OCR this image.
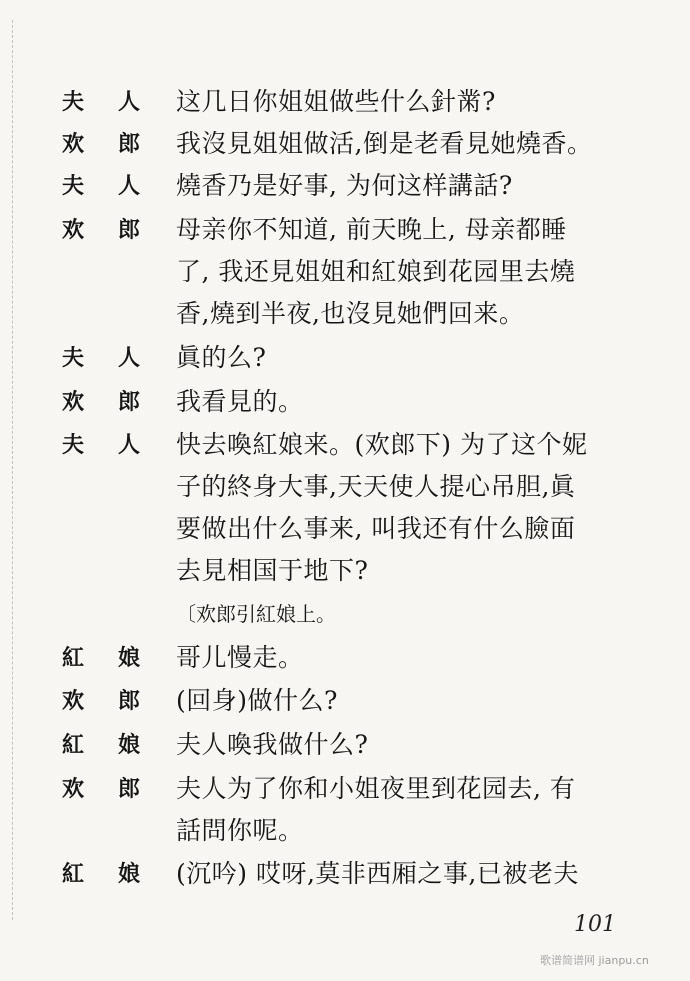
夫 人 这几日你姐姐做些什么針黹?
欢 郎 我沒見姐姐做活,倒是老看見她燒香。
夫 人 燒香乃是好事, 为何这样講話?
欢 郎 母亲你不知道, 前天晚上, 母亲都睡
了, 我还見姐姐和紅娘到花园里去燒
香,燒到半夜,也沒見她們回来。
夫 人 眞的么?
欢 郎 我看見的。
夫 人 快去喚紅娘来。(欢郎下) 为了这个妮
子的終身大事,天天使人提心吊胆,眞
要做出什么事来, 叫我还有什么臉面
去見相国于地下?
〔欢郎引紅娘上。
紅 娘 哥儿慢走。
欢 郎 (回身)做什么?
紅 娘 夫人喚我做什么?
欢 郎 夫人为了你和小姐夜里到花园去, 有
話問你呢。
紅 娘 (沉吟) 哎呀,莫非西厢之事,已被老夫
101
歌谱简谱网 jianpu.cn
